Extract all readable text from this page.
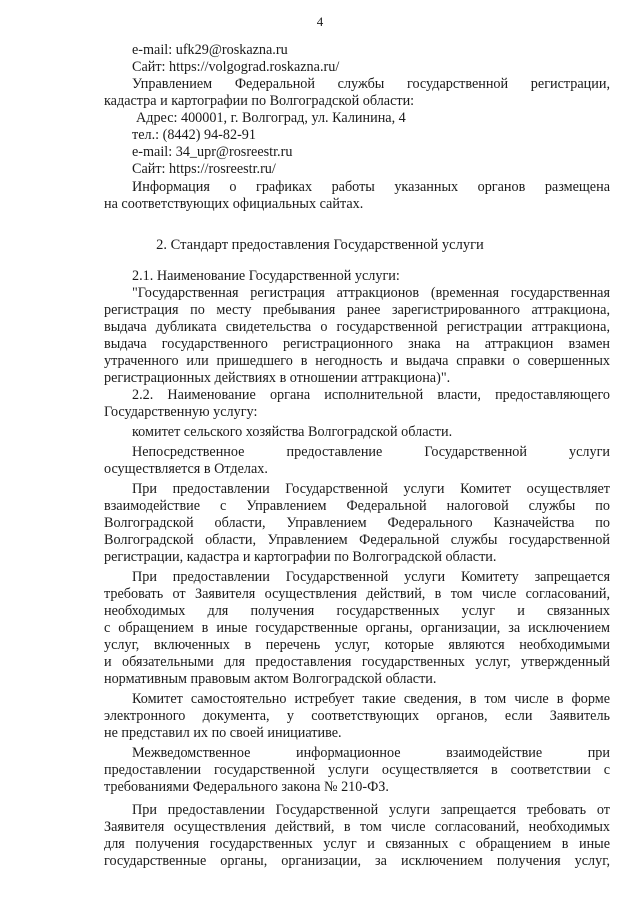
4
e-mail: ufk29@roskazna.ru
Сайт: https://volgograd.roskazna.ru/
Управлением Федеральной службы государственной регистрации,
кадастра и картографии по Волгоградской области:
Адрес: 400001, г. Волгоград, ул. Калинина, 4
тел.: (8442) 94-82-91
e-mail: 34_upr@rosreestr.ru
Сайт: https://rosreestr.ru/
Информация о графиках работы указанных органов размещена
на соответствующих официальных сайтах.
2. Стандарт предоставления Государственной услуги
2.1. Наименование Государственной услуги:
"Государственная регистрация аттракционов (временная государственная
регистрация по месту пребывания ранее зарегистрированного аттракциона,
выдача дубликата свидетельства о государственной регистрации аттракциона,
выдача государственного регистрационного знака на аттракцион взамен
утраченного или пришедшего в негодность и выдача справки о совершенных
регистрационных действиях в отношении аттракциона)".
2.2. Наименование органа исполнительной власти, предоставляющего
Государственную услугу:
комитет сельского хозяйства Волгоградской области.
Непосредственное предоставление Государственной услуги
осуществляется в Отделах.
При предоставлении Государственной услуги Комитет осуществляет
взаимодействие с Управлением Федеральной налоговой службы по
Волгоградской области, Управлением Федерального Казначейства по
Волгоградской области, Управлением Федеральной службы государственной
регистрации, кадастра и картографии по Волгоградской области.
При предоставлении Государственной услуги Комитету запрещается
требовать от Заявителя осуществления действий, в том числе согласований,
необходимых для получения государственных услуг и связанных
с обращением в иные государственные органы, организации, за исключением
услуг, включенных в перечень услуг, которые являются необходимыми
и обязательными для предоставления государственных услуг, утвержденный
нормативным правовым актом Волгоградской области.
Комитет самостоятельно истребует такие сведения, в том числе в форме
электронного документа, у соответствующих органов, если Заявитель
не представил их по своей инициативе.
Межведомственное информационное взаимодействие при
предоставлении государственной услуги осуществляется в соответствии с
требованиями Федерального закона № 210-ФЗ.
При предоставлении Государственной услуги запрещается требовать от
Заявителя осуществления действий, в том числе согласований, необходимых
для получения государственных услуг и связанных с обращением в иные
государственные органы, организации, за исключением получения услуг,
